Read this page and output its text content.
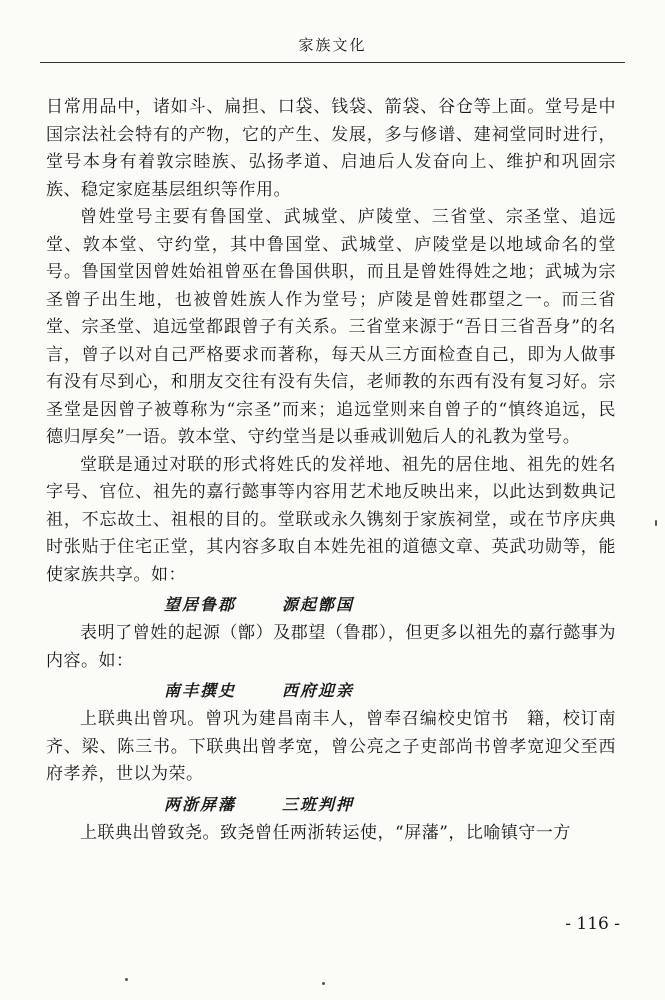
家族文化

日常用品中，诸如斗、扁担、口袋、钱袋、箭袋、谷仓等上面。堂号是中国宗法社会特有的产物，它的产生、发展，多与修谱、建祠堂同时进行，堂号本身有着敦宗睦族、弘扬孝道、启迪后人发奋向上、维护和巩固宗族、稳定家庭基层组织等作用。

曾姓堂号主要有鲁国堂、武城堂、庐陵堂、三省堂、宗圣堂、追远堂、敦本堂、守约堂，其中鲁国堂、武城堂、庐陵堂是以地域命名的堂号。鲁国堂因曾姓始祖曾巫在鲁国供职，而且是曾姓得姓之地；武城为宗圣曾子出生地，也被曾姓族人作为堂号；庐陵是曾姓郡望之一。而三省堂、宗圣堂、追远堂都跟曾子有关系。三省堂来源于“吾日三省吾身”的名言，曾子以对自己严格要求而著称，每天从三方面检查自己，即为人做事有没有尽到心，和朋友交往有没有失信，老师教的东西有没有复习好。宗圣堂是因曾子被尊称为“宗圣”而来；追远堂则来自曾子的“慎终追远，民德归厚矣”一语。敦本堂、守约堂当是以垂戒训勉后人的礼教为堂号。

堂联是通过对联的形式将姓氏的发祥地、祖先的居住地、祖先的姓名字号、官位、祖先的嘉行懿事等内容用艺术地反映出来，以此达到数典记祖，不忘故土、祖根的目的。堂联或永久镌刻于家族祠堂，或在节序庆典时张贴于住宅正堂，其内容多取自本姓先祖的道德文章、英武功勋等，能使家族共享。如：

望居鲁郡	源起鄫国

表明了曾姓的起源（鄫）及郡望（鲁郡），但更多以祖先的嘉行懿事为内容。如：

南丰撰史	西府迎亲

上联典出曾巩。曾巩为建昌南丰人，曾奉召编校史馆书　籍，校订南齐、梁、陈三书。下联典出曾孝宽，曾公亮之子吏部尚书曾孝宽迎父至西府孝养，世以为荣。

两浙屏藩	三班判押

上联典出曾致尧。致尧曾任两浙转运使，“屏藩”，比喻镇守一方

- 116 -
